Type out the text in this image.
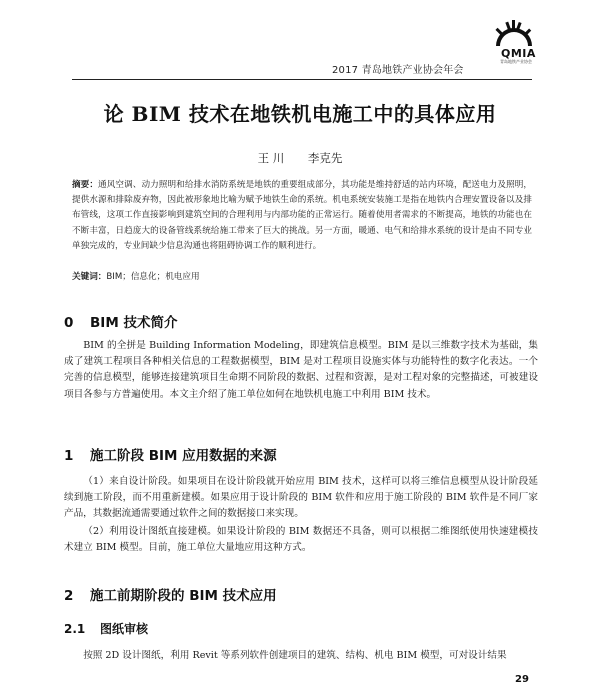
QMIA
青岛地铁产业协会
2017 青岛地铁产业协会年会
论 BIM 技术在地铁机电施工中的具体应用
王 川 李克先
摘要：通风空调、动力照明和给排水消防系统是地铁的重要组成部分，其功能是维持舒适的站内环境，配送电力及照明，提供水源和排除废弃物，因此被形象地比喻为赋予地铁生命的系统。机电系统安装施工是指在地铁内合理安置设备以及排布管线，这项工作直接影响到建筑空间的合理利用与内部功能的正常运行。随着使用者需求的不断提高，地铁的功能也在不断丰富，日趋庞大的设备管线系统给施工带来了巨大的挑战。另一方面，暖通、电气和给排水系统的设计是由不同专业单独完成的，专业间缺少信息沟通也将阻碍协调工作的顺利进行。
关键词：BIM；信息化；机电应用
0 BIM 技术简介
BIM 的全拼是 Building Information Modeling，即建筑信息模型。BIM 是以三维数字技术为基础，集成了建筑工程项目各种相关信息的工程数据模型，BIM 是对工程项目设施实体与功能特性的数字化表达。一个完善的信息模型，能够连接建筑项目生命期不同阶段的数据、过程和资源，是对工程对象的完整描述，可被建设项目各参与方普遍使用。本文主介绍了施工单位如何在地铁机电施工中利用 BIM 技术。
1 施工阶段 BIM 应用数据的来源
（1）来自设计阶段。如果项目在设计阶段就开始应用 BIM 技术，这样可以将三维信息模型从设计阶段延续到施工阶段，而不用重新建模。如果应用于设计阶段的 BIM 软件和应用于施工阶段的 BIM 软件是不同厂家产品，其数据流通需要通过软件之间的数据接口来实现。
（2）利用设计图纸直接建模。如果设计阶段的 BIM 数据还不具备，则可以根据二维图纸使用快速建模技术建立 BIM 模型。目前，施工单位大量地应用这种方式。
2 施工前期阶段的 BIM 技术应用
2.1 图纸审核
按照 2D 设计图纸，利用 Revit 等系列软件创建项目的建筑、结构、机电 BIM 模型，可对设计结果
29
